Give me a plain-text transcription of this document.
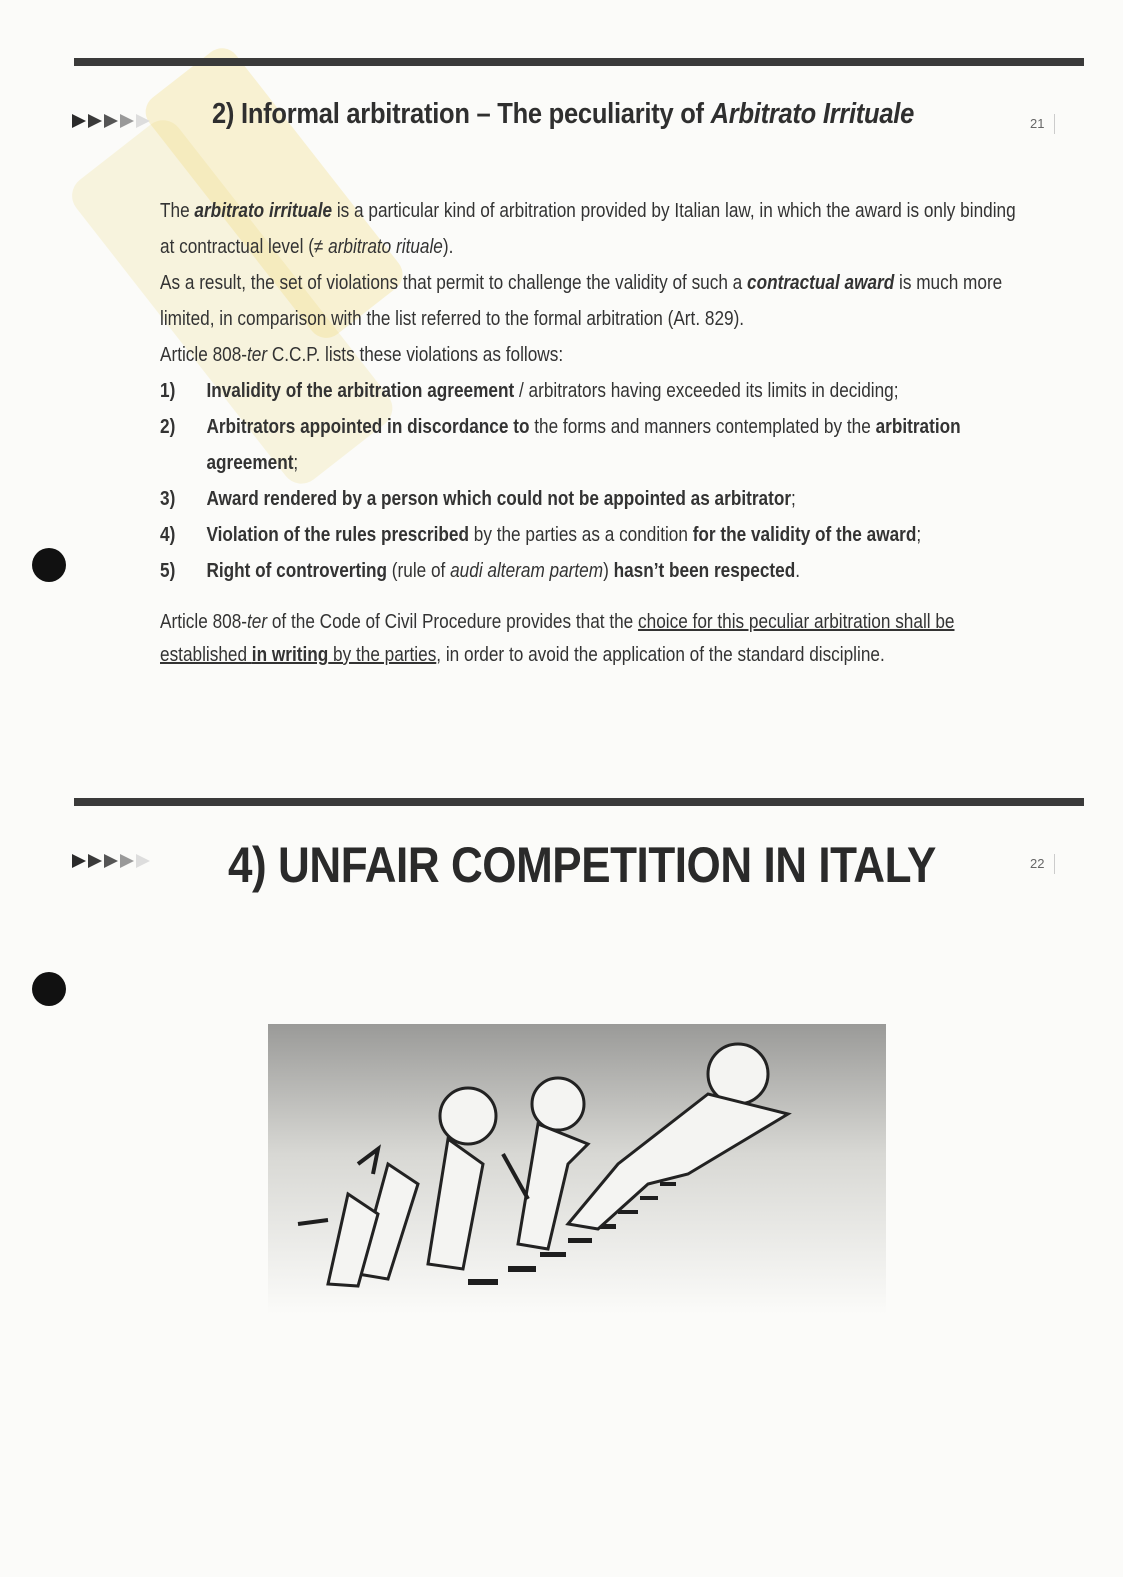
2) Informal arbitration – The peculiarity of Arbitrato Irrituale	21

The arbitrato irrituale is a particular kind of arbitration provided by Italian law, in which the award is only binding at contractual level (≠ arbitrato rituale).

As a result, the set of violations that permit to challenge the validity of such a contractual award is much more limited, in comparison with the list referred to the formal arbitration (Art. 829).

Article 808-ter C.C.P. lists these violations as follows:

1) Invalidity of the arbitration agreement / arbitrators having exceeded its limits in deciding;
2) Arbitrators appointed in discordance to the forms and manners contemplated by the arbitration agreement;
3) Award rendered by a person which could not be appointed as arbitrator;
4) Violation of the rules prescribed by the parties as a condition for the validity of the award;
5) Right of controverting (rule of audi alteram partem) hasn’t been respected.

Article 808-ter of the Code of Civil Procedure provides that the choice for this peculiar arbitration shall be established in writing by the parties, in order to avoid the application of the standard discipline.

4) UNFAIR COMPETITION IN ITALY	22
